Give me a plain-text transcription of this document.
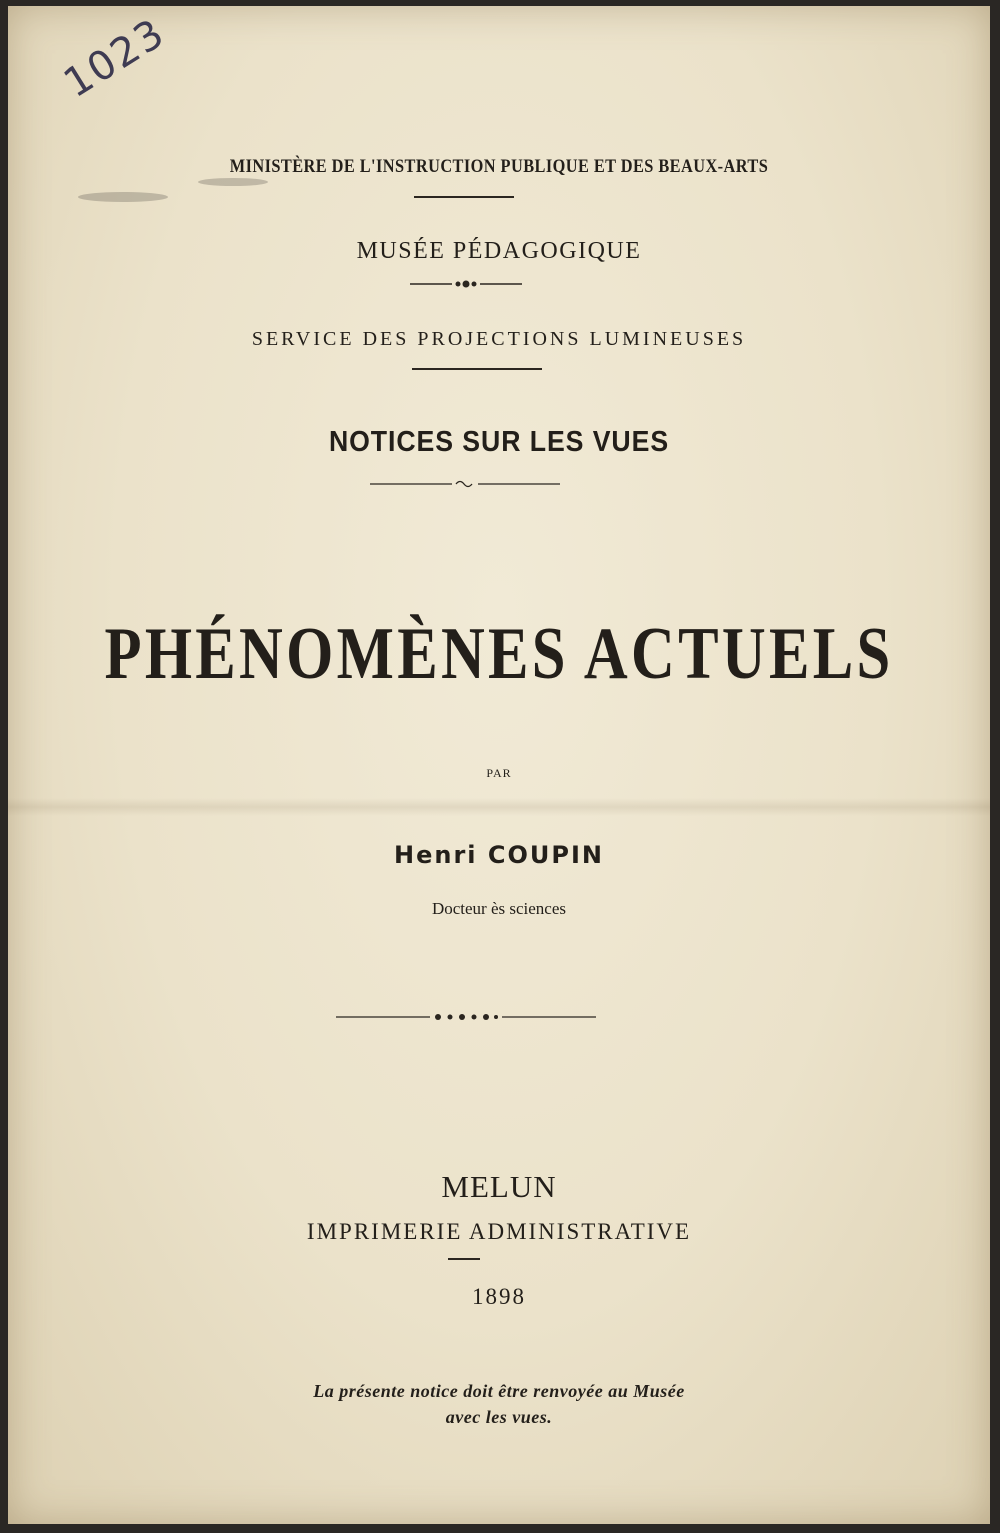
1023
MINISTÈRE DE L'INSTRUCTION PUBLIQUE ET DES BEAUX-ARTS
MUSÉE PÉDAGOGIQUE
SERVICE DES PROJECTIONS LUMINEUSES
NOTICES SUR LES VUES
PHÉNOMÈNES ACTUELS
PAR
Henri COUPIN
Docteur ès sciences
MELUN
IMPRIMERIE ADMINISTRATIVE
1898
La présente notice doit être renvoyée au Musée
avec les vues.
